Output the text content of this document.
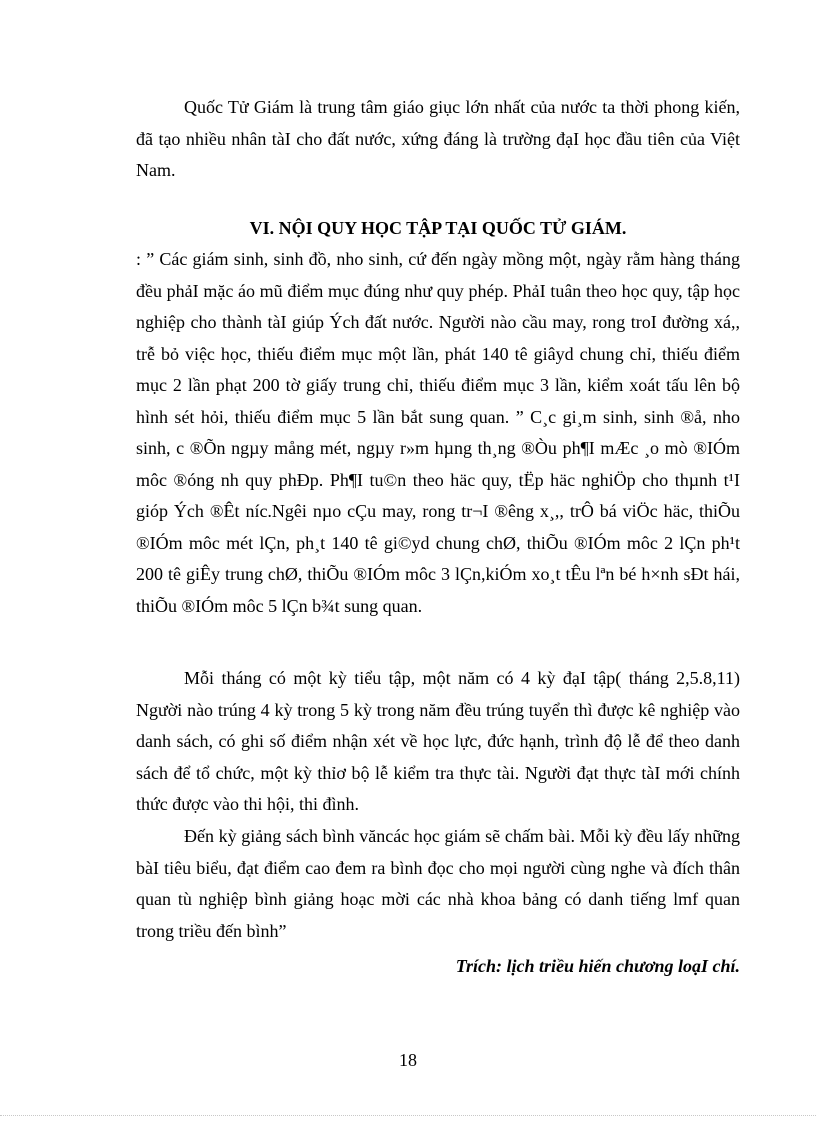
Quốc Tử Giám là trung tâm giáo giục lớn nhất của nước ta thời phong kiến, đã tạo nhiều nhân tàI cho đất nước, xứng đáng là trường đạI học đầu tiên của Việt Nam.

VI. NỘI QUY HỌC TẬP TẠI QUỐC TỬ GIÁM.

: ” Các giám sinh, sinh đồ, nho sinh, cứ đến ngày mồng một, ngày rằm hàng tháng đều phảI mặc áo mũ điểm mục đúng như quy phép. PhảI tuân theo học quy, tập học nghiệp cho thành tàI giúp Ých đất nước. Người nào cầu may, rong troI đường xá,, trễ bỏ việc học, thiếu điểm mục một lần, phát 140 tê giâyd chung chỉ, thiếu điểm mục 2 lần phạt 200 tờ giấy trung chỉ, thiếu điểm mục 3 lần, kiểm xoát tấu lên bộ hình sét hỏi, thiếu điểm mục 5 lần bắt sung quan. ” C¸c gi¸m sinh, sinh ®å, nho sinh, c ®Õn ngµy mång mét, ngµy r»m hµng th¸ng ®Òu ph¶I mÆc ¸o mò ®IÓm môc ®óng nh quy phÐp. Ph¶I tu©n theo häc quy, tËp häc nghiÖp cho thµnh t¹I gióp Ých ®Êt níc.Ngêi nµo cÇu may, rong tr¬I ®êng x¸,, trÔ bá viÖc häc, thiÕu ®IÓm môc mét lÇn, ph¸t 140 tê gi©yd chung chØ, thiÕu ®IÓm môc 2 lÇn ph¹t 200 tê giÊy trung chØ, thiÕu ®IÓm môc 3 lÇn,kiÓm xo¸t tÊu lªn bé h×nh sÐt hái, thiÕu ®IÓm môc 5 lÇn b¾t sung quan.

Mỗi tháng có một kỳ tiểu tập, một năm có 4 kỳ đạI tập( tháng 2,5.8,11) Người nào trúng 4 kỳ trong 5 kỳ trong năm đều trúng tuyển thì được kê nghiệp vào danh sách, có ghi số điểm nhận xét về học lực, đức hạnh, trình độ lễ để theo danh sách để tổ chức, một kỳ thỉơ bộ lễ kiểm tra thực tài. Người đạt thực tàI mới chính thức được vào thi hội, thi đình.

Đến kỳ giảng sách bình văncác học giám sẽ chấm bài. Mỗi kỳ đều lấy những bàI tiêu biểu, đạt điểm cao đem ra bình đọc cho mọi người cùng nghe và đích thân quan tù nghiệp bình giảng hoạc mời các nhà khoa bảng có danh tiếng lmf quan trong triều đến bình”

Trích: lịch triều hiến chương loạI chí.

18
